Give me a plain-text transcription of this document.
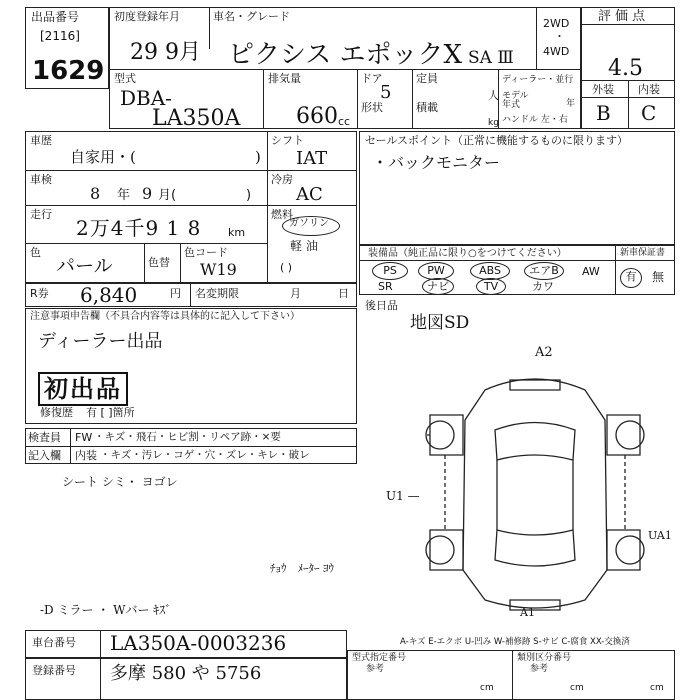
出品番号
[2116]
1629
初度登録年月
29 9月
車名・グレード
ピクシス エポックX SA Ⅲ
2WD
・
4WD
型式
DBA-
LA350A
排気量
660 cc
ドア
5
形状
定員
人
積載
kg
ディーラー・並行
モデル年式	年
ハンドル 左・右
評価点
4.5
外装 内装
B C
車歴
自家用・(	)
シフト
IAT
車検
8 年 9 月(	)
冷房
AC
走行
2万4千9 1 8 km
燃料
ガソリン
軽 油
( )
色
パール	色替
色コード
W19
R券 6,840	円 名変期限	月	日
注意事項申告欄（不具合内容等は具体的に記入して下さい）
ディーラー出品
初出品
修復歴 有 [ ]箇所
検査員
記入欄
FW ・キズ・飛石・ヒビ割・リペア跡・×要
内装 ・キズ・汚レ・コゲ・穴・ズレ・キレ・破レ
シート シミ・ ヨゴレ
ﾁｮｳ　ﾒｰﾀｰ ﾖｳ
-D ミラー ・ Wバー ｷｽﾞ
セールスポイント（正常に機能するものに限ります）
・バックモニター
装備品（純正品に限り○をつけてください）	新車保証書
PS	PW	ABS	エアB	AW
SR	ナビ	TV	カワ
有	無
後日品
地図SD
A2
U1 —
UA1
A1
A-キズ E-エクボ U-凹み W-補修跡 S-サビ C-腐食 XX-交換済
車台番号 LA350A-0003236
登録番号 多摩 580 や 5756
型式指定番号
参考
類別区分番号
参考
cm	cm	cm
